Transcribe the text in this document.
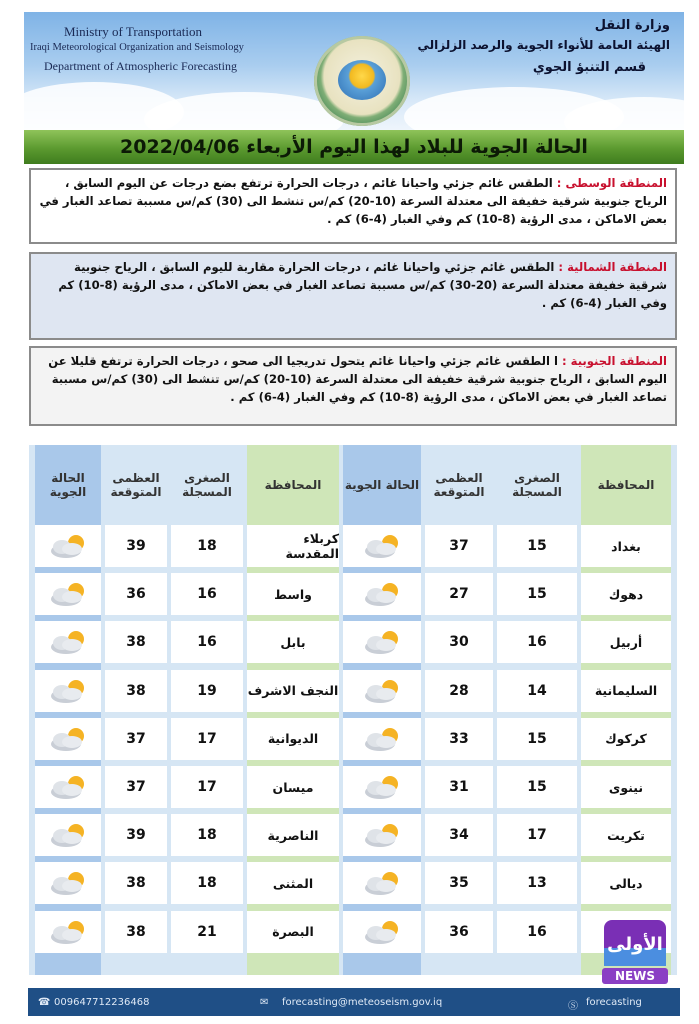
Ministry of Transportation
Iraqi Meteorological Organization and Seismology
Department of Atmospheric Forecasting
وزارة النقل
الهيئة العامة للأنواء الجوية والرصد الزلزالي
قسم التنبؤ الجوي
الحالة الجوية للبلاد لهذا اليوم الأربعاء 2022/04/06
المنطقة الوسطى : الطقس غائم جزئي واحيانا غائم ، درجات الحرارة ترتفع بضع درجات عن اليوم السابق ، الرياح جنوبية شرقية خفيفة الى معتدلة السرعة (10-20) كم/س تنشط الى (30) كم/س مسببة تصاعد الغبار في بعض الاماكن ، مدى الرؤية (8-10) كم وفي الغبار (4-6) كم .
المنطقة الشمالية : الطقس غائم جزئي واحيانا غائم ، درجات الحرارة مقاربة لليوم السابق ، الرياح جنوبية شرقية خفيفة معتدلة السرعة (20-30) كم/س مسببة تصاعد الغبار في بعض الاماكن ، مدى الرؤية (8-10) كم وفي الغبار (4-6) كم .
المنطقة الجنوبية : ا الطقس غائم جزئي واحيانا غائم يتحول تدريجيا الى صحو ، درجات الحرارة ترتفع قليلا عن اليوم السابق ، الرياح جنوبية شرقية خفيفة الى معتدلة السرعة (10-20) كم/س تنشط الى (30) كم/س مسببة تصاعد الغبار في بعض الاماكن ، مدى الرؤية (8-10) كم وفي الغبار (4-6) كم .
الحالة الجوية
العظمى المتوقعة
الصغرى المسجلة	المحافظة	الحالة الجوية	العظمى المتوقعة
الصغرى المسجلة	المحافظة
39	18	كربلاء المقدسة
36	16	واسط
38	16	بابل
38	19	النجف الاشرف
37	17	الديوانية
37	17	ميسان
39	18	الناصرية
38	18	المثنى
38	21	البصرة
37	15	بغداد
27	15	دهوك
30	16	أربيل
28	14	السليمانية
33	15	كركوك
31	15	نينوى
34	17	تكريت
35	13	ديالى
36	16
☎ 009647712236468	✉ forecasting@meteoseism.gov.iq	Ⓢ forecasting
الأولى
NEWS
